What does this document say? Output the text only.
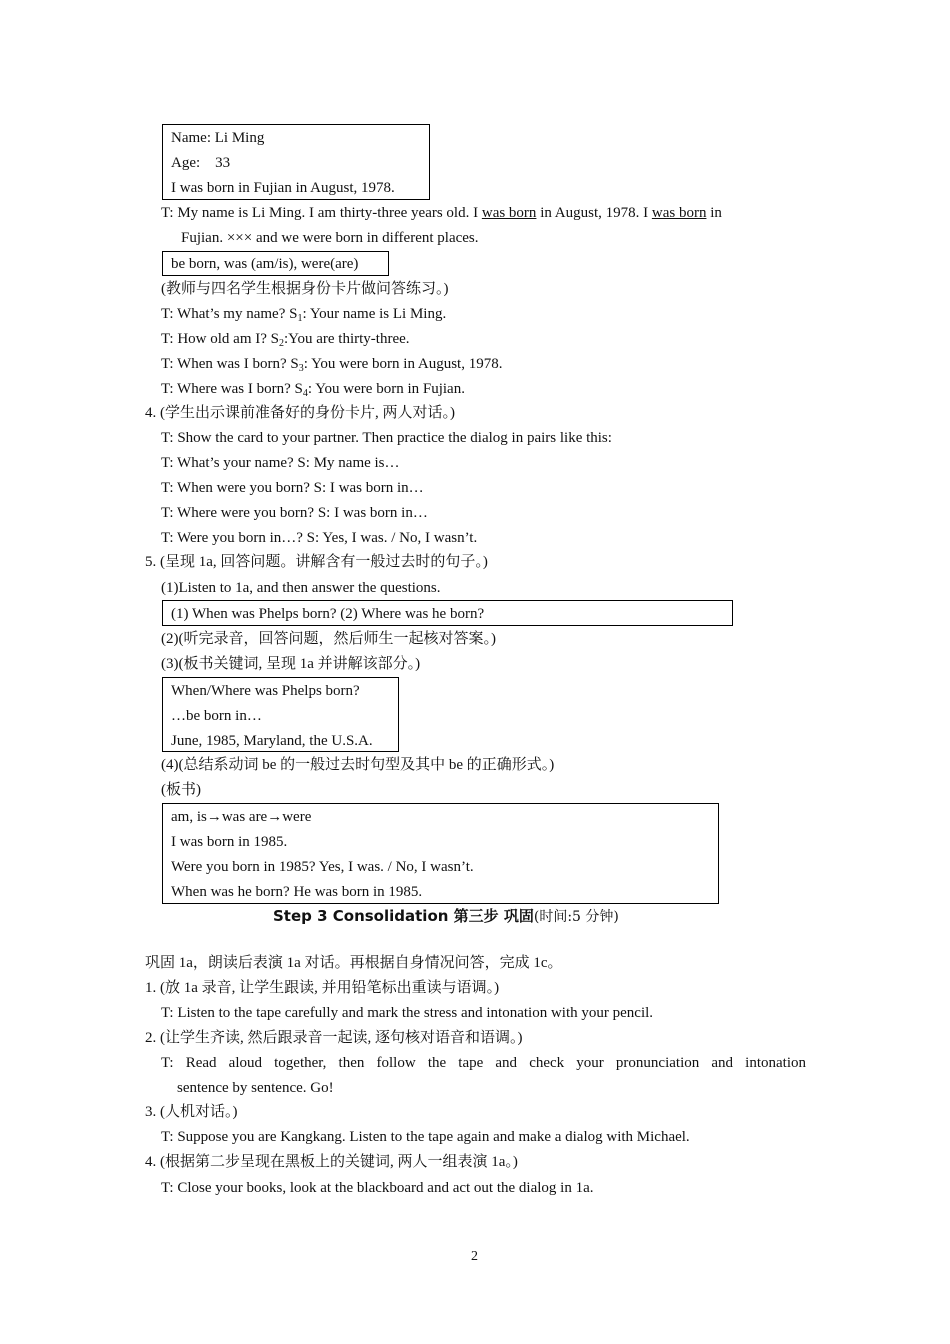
Name: Li Ming
Age: 33
I was born in Fujian in August, 1978.
T: My name is Li Ming. I am thirty-three years old. I was born in August, 1978. I was born in
Fujian. ××× and we were born in different places.
be born, was (am/is), were(are)
(教师与四名学生根据身份卡片做问答练习。)
T: What’s my name? $S_1$: Your name is Li Ming.
T: How old am I? $S_2:You$ are thirty-three.
T: When was I born? $S_3$: You were born in August, 1978.
T: Where was I born? $S_4$: You were born in Fujian.
4. (学生出示课前准备好的身份卡片, 两人对话。)
T: Show the card to your partner. Then practice the dialog in pairs like this:
T: What’s your name? S: My name is…
T: When were you born? S: I was born in…
T: Where were you born? S: I was born in…
T: Were you born in…? S: Yes, I was. / No, I wasn’t.
5. (呈现 1a, 回答问题。讲解含有一般过去时的句子。)
(1)Listen to 1a, and then answer the questions.
(1) When was Phelps born? (2) Where was he born?
(2)(听完录音，回答问题，然后师生一起核对答案。)
(3)(板书关键词, 呈现 1a 并讲解该部分。)
When/Where was Phelps born?
…be born in…
June, 1985, Maryland, the U.S.A.
(4)(总结系动词 be 的一般过去时句型及其中 be 的正确形式。)
(板书)
am, is→was are→were
I was born in 1985.
Were you born in 1985? Yes, I was. / No, I wasn’t.
When was he born? He was born in 1985.
Step 3 Consolidation 第三步 巩固(时间:5 分钟)
巩固 1a，朗读后表演 1a 对话。再根据自身情况问答，完成 1c。
1. (放 1a 录音, 让学生跟读, 并用铅笔标出重读与语调。)
T: Listen to the tape carefully and mark the stress and intonation with your pencil.
2. (让学生齐读, 然后跟录音一起读, 逐句核对语音和语调。)
T: Read aloud together, then follow the tape and check your pronunciation and intonation
sentence by sentence. Go!
3. (人机对话。)
T: Suppose you are Kangkang. Listen to the tape again and make a dialog with Michael.
4. (根据第二步呈现在黑板上的关键词, 两人一组表演 1a。)
T: Close your books, look at the blackboard and act out the dialog in 1a.
2
